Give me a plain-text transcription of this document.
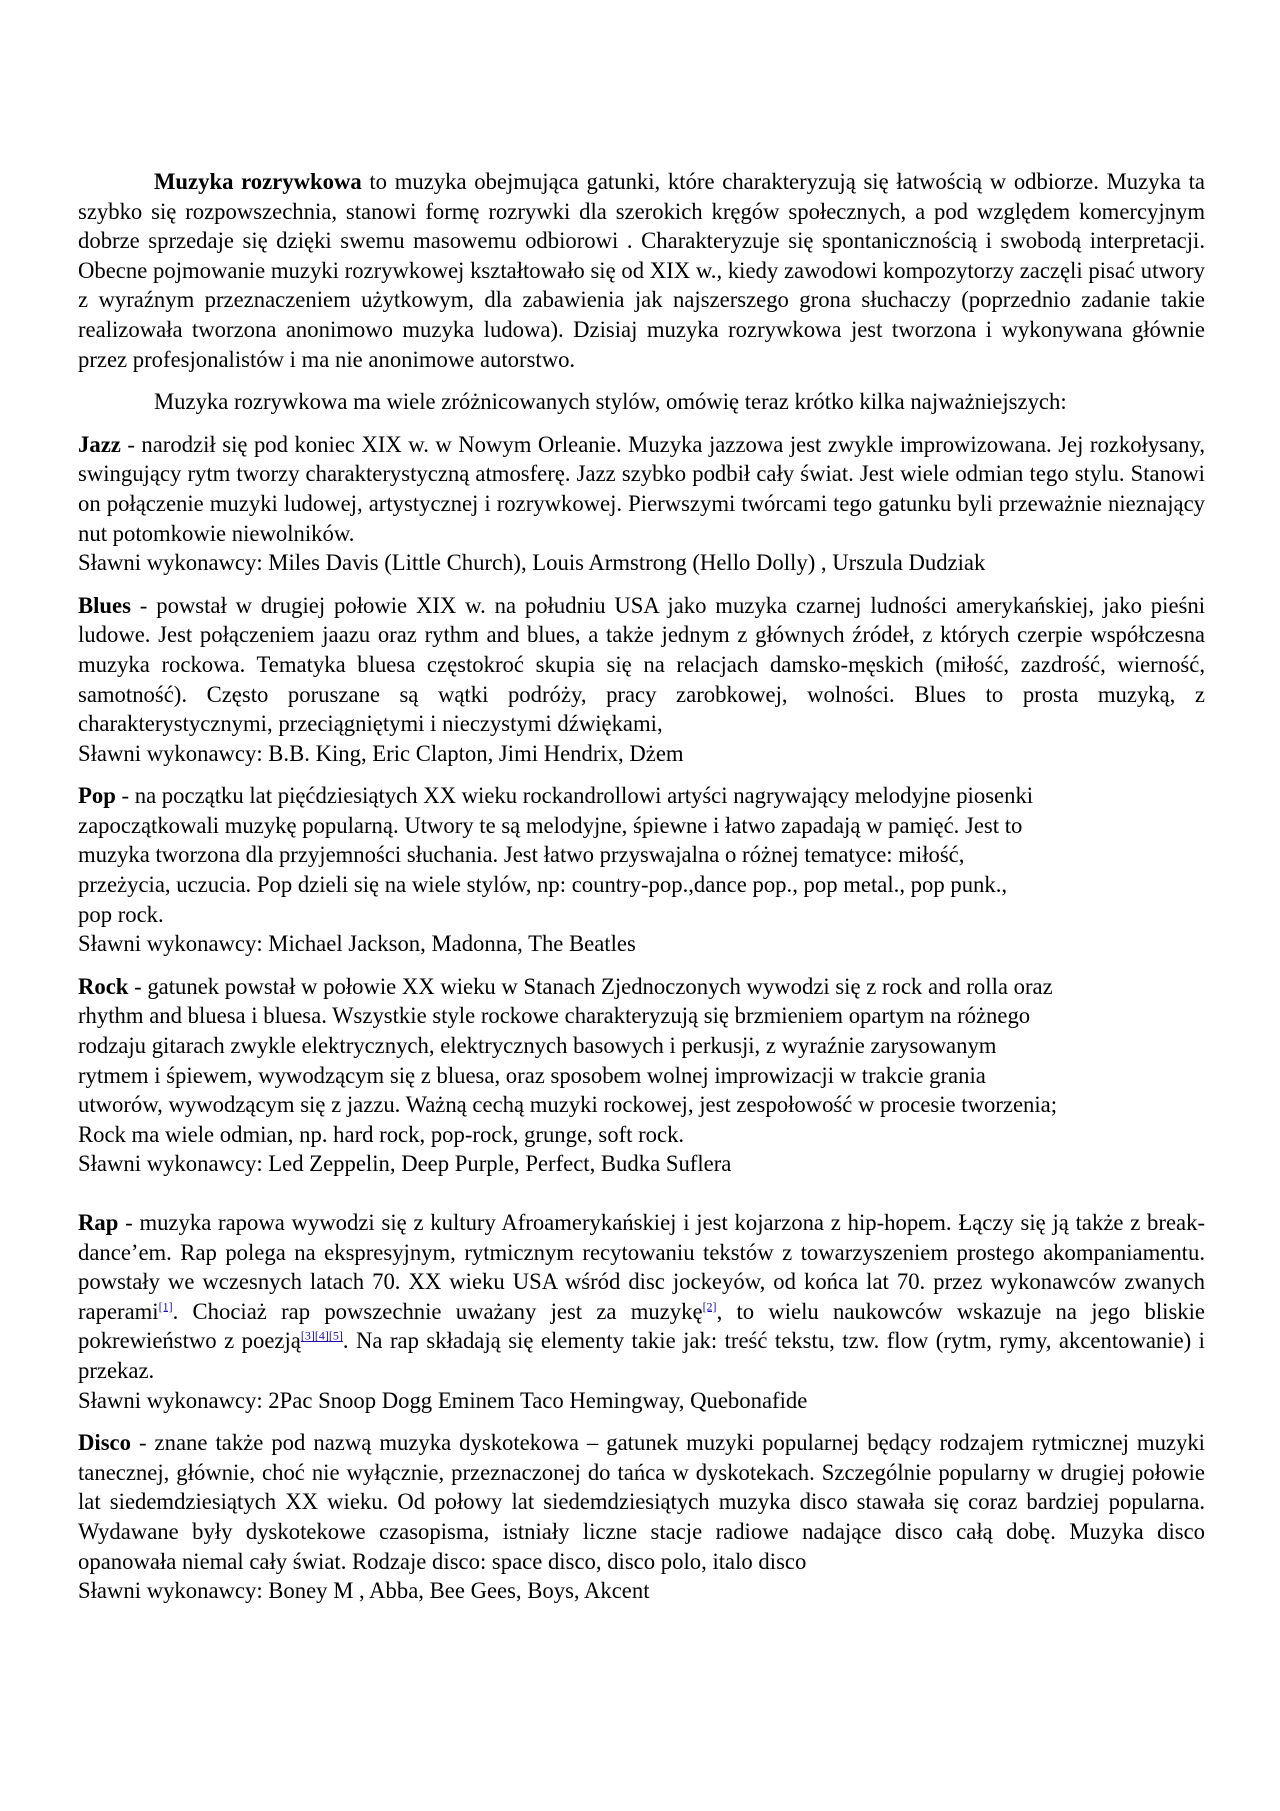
Muzyka rozrywkowa to muzyka obejmująca gatunki, które charakteryzują się łatwością w odbiorze. Muzyka ta szybko się rozpowszechnia, stanowi formę rozrywki dla szerokich kręgów społecznych, a pod względem komercyjnym dobrze sprzedaje się dzięki swemu masowemu odbiorowi . Charakteryzuje się spontanicznością i swobodą interpretacji. Obecne pojmowanie muzyki rozrywkowej kształtowało się od XIX w., kiedy zawodowi kompozytorzy zaczęli pisać utwory z wyraźnym przeznaczeniem użytkowym, dla zabawienia jak najszerszego grona słuchaczy (poprzednio zadanie takie realizowała tworzona anonimowo muzyka ludowa). Dzisiaj muzyka rozrywkowa jest tworzona i wykonywana głównie przez profesjonalistów i ma nie anonimowe autorstwo.

Muzyka rozrywkowa ma wiele zróżnicowanych stylów, omówię teraz krótko kilka najważniejszych:

Jazz - narodził się pod koniec XIX w. w Nowym Orleanie. Muzyka jazzowa jest zwykle improwizowana. Jej rozkołysany, swingujący rytm tworzy charakterystyczną atmosferę. Jazz szybko podbił cały świat. Jest wiele odmian tego stylu. Stanowi on połączenie muzyki ludowej, artystycznej i rozrywkowej. Pierwszymi twórcami tego gatunku byli przeważnie nieznający nut potomkowie niewolników.

Sławni wykonawcy: Miles Davis (Little Church), Louis Armstrong (Hello Dolly) , Urszula Dudziak

Blues - powstał w drugiej połowie XIX w. na południu USA jako muzyka czarnej ludności amerykańskiej, jako pieśni ludowe. Jest połączeniem jaazu oraz rythm and blues, a także jednym z głównych źródeł, z których czerpie współczesna muzyka rockowa. Tematyka bluesa częstokroć skupia się na relacjach damsko-męskich (miłość, zazdrość, wierność, samotność). Często poruszane są wątki podróży, pracy zarobkowej, wolności. Blues to prosta muzyką, z charakterystycznymi, przeciągniętymi i nieczystymi dźwiękami,

Sławni wykonawcy: B.B. King, Eric Clapton, Jimi Hendrix, Dżem

Pop - na początku lat pięćdziesiątych XX wieku rockandrollowi artyści nagrywający melodyjne piosenki

zapoczątkowali muzykę popularną. Utwory te są melodyjne, śpiewne i łatwo zapadają w pamięć. Jest to

muzyka tworzona dla przyjemności słuchania. Jest łatwo przyswajalna o różnej tematyce: miłość,

przeżycia, uczucia. Pop dzieli się na wiele stylów, np: country-pop.,dance pop., pop metal., pop punk.,

pop rock.

Sławni wykonawcy: Michael Jackson, Madonna, The Beatles

Rock - gatunek powstał w połowie XX wieku w Stanach Zjednoczonych wywodzi się z rock and rolla oraz

rhythm and bluesa i bluesa. Wszystkie style rockowe charakteryzują się brzmieniem opartym na różnego

rodzaju gitarach zwykle elektrycznych, elektrycznych basowych i perkusji, z wyraźnie zarysowanym

rytmem i śpiewem, wywodzącym się z bluesa, oraz sposobem wolnej improwizacji w trakcie grania

utworów, wywodzącym się z jazzu. Ważną cechą muzyki rockowej, jest zespołowość w procesie tworzenia;

Rock ma wiele odmian, np. hard rock, pop-rock, grunge, soft rock.

Sławni wykonawcy: Led Zeppelin, Deep Purple, Perfect, Budka Suflera

Rap - muzyka rapowa wywodzi się z kultury Afroamerykańskiej i jest kojarzona z hip-hopem. Łączy się ją także z break-dance’em. Rap polega na ekspresyjnym, rytmicznym recytowaniu tekstów z towarzyszeniem prostego akompaniamentu. powstały we wczesnych latach 70. XX wieku USA wśród disc jockeyów, od końca lat 70. przez wykonawców zwanych raperami[1]. Chociaż rap powszechnie uważany jest za muzykę[2], to wielu naukowców wskazuje na jego bliskie pokrewieństwo z poezją[3][4][5]. Na rap składają się elementy takie jak: treść tekstu, tzw. flow (rytm, rymy, akcentowanie) i przekaz.

Sławni wykonawcy: 2Pac Snoop Dogg Eminem Taco Hemingway, Quebonafide

Disco - znane także pod nazwą muzyka dyskotekowa – gatunek muzyki popularnej będący rodzajem rytmicznej muzyki tanecznej, głównie, choć nie wyłącznie, przeznaczonej do tańca w dyskotekach. Szczególnie popularny w drugiej połowie lat siedemdziesiątych XX wieku. Od połowy lat siedemdziesiątych muzyka disco stawała się coraz bardziej popularna. Wydawane były dyskotekowe czasopisma, istniały liczne stacje radiowe nadające disco całą dobę. Muzyka disco opanowała niemal cały świat. Rodzaje disco: space disco, disco polo, italo disco

Sławni wykonawcy: Boney M , Abba, Bee Gees, Boys, Akcent
